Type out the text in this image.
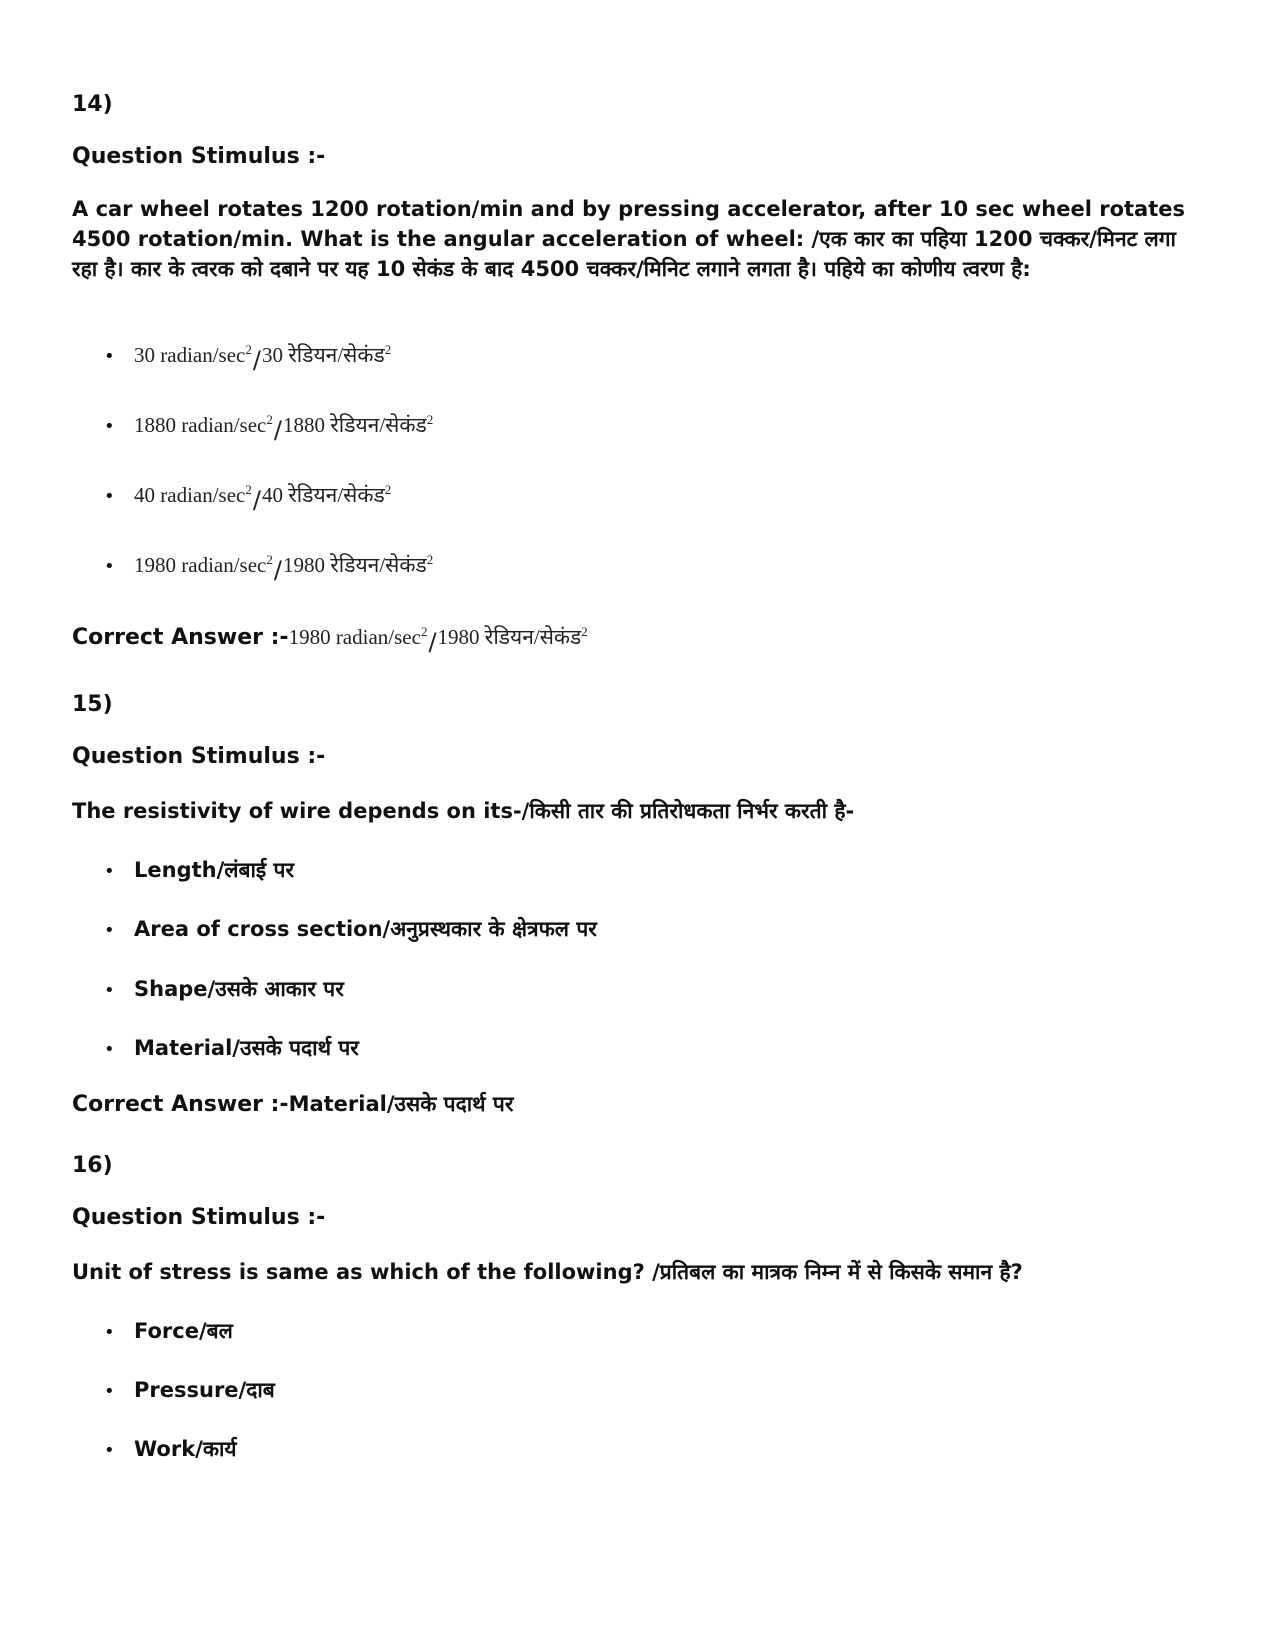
14)
Question Stimulus :-
A car wheel rotates 1200 rotation/min and by pressing accelerator, after 10 sec wheel rotates 4500 rotation/min. What is the angular acceleration of wheel: /एक कार का पहिया 1200 चक्कर/मिनट लगा रहा है। कार के त्वरक को दबाने पर यह 10 सेकंड के बाद 4500 चक्कर/मिनिट लगाने लगता है। पहिये का कोणीय त्वरण है:
• 30 radian/$\sec^2/30$ रेडियन/सेकंड$^2$
• 1880 radian/$\sec^2/1880$ रेडियन/सेकंड$^2$
• 40 radian/$\sec^2/40$ रेडियन/सेकंड$^2$
• 1980 radian/$\sec^2/1980$ रेडियन/सेकंड$^2$
Correct Answer :- 1980 radian/$\sec^2/1980$ रेडियन/सेकंड$^2$
15)
Question Stimulus :-
The resistivity of wire depends on its-/किसी तार की प्रतिरोधकता निर्भर करती है-
• Length/लंबाई पर
• Area of cross section/अनुप्रस्थकार के क्षेत्रफल पर
• Shape/उसके आकार पर
• Material/उसके पदार्थ पर
Correct Answer :- Material/उसके पदार्थ पर
16)
Question Stimulus :-
Unit of stress is same as which of the following? /प्रतिबल का मात्रक निम्न में से किसके समान है?
• Force/बल
• Pressure/दाब
• Work/कार्य
